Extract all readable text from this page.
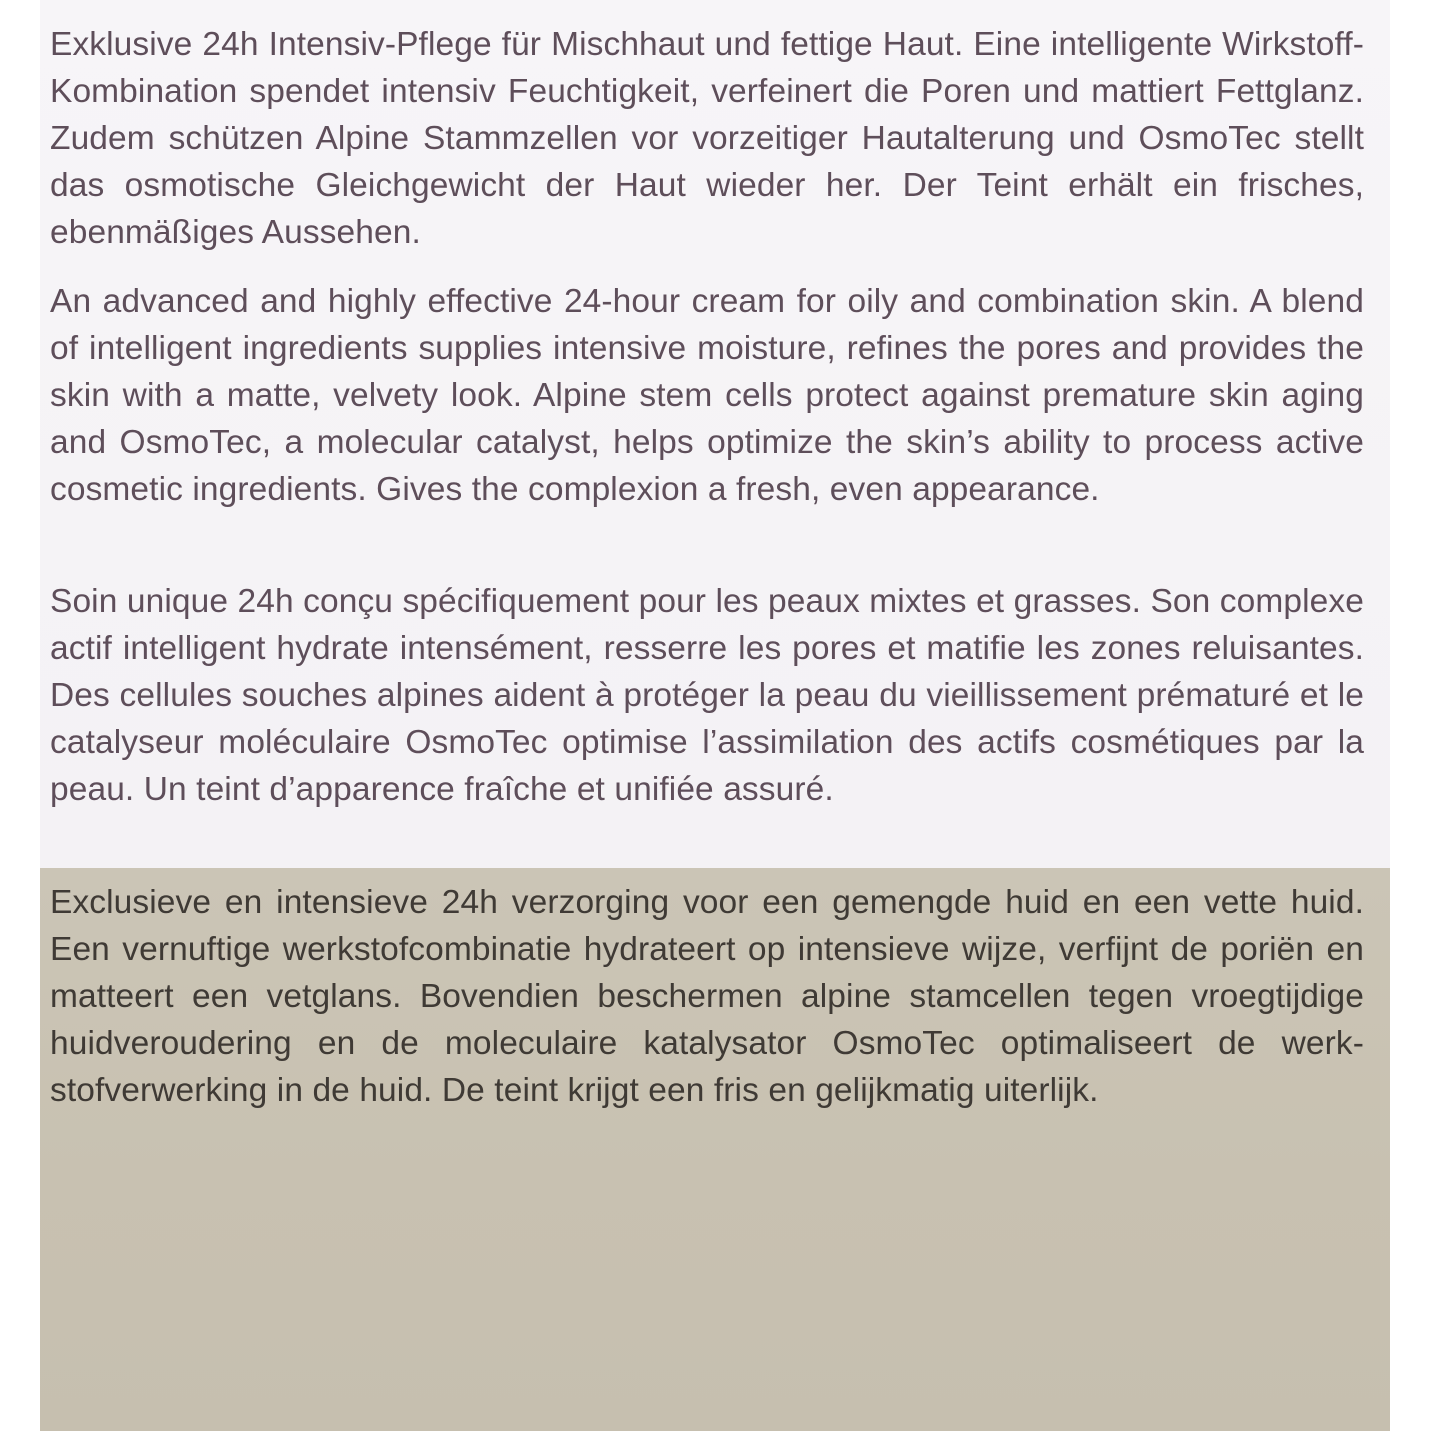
Exklusive 24h Intensiv-Pflege für Mischhaut und fettige Haut. Eine intelligente Wirkstoff-Kombination spendet intensiv Feuchtigkeit, verfeinert die Poren und mattiert Fettglanz. Zudem schützen Alpine Stammzellen vor vorzeitiger Hautalterung und OsmoTec stellt das osmotische Gleichgewicht der Haut wieder her. Der Teint erhält ein frisches, ebenmäßiges Aussehen.

An advanced and highly effective 24-hour cream for oily and combination skin. A blend of intelligent ingredients supplies intensive moisture, refines the pores and provides the skin with a matte, velvety look. Alpine stem cells protect against premature skin aging and OsmoTec, a molecular catalyst, helps optimize the skin’s ability to process active cosmetic ingredients. Gives the complexion a fresh, even appearance.

Soin unique 24h conçu spécifiquement pour les peaux mixtes et grasses. Son complexe actif intelligent hydrate intensément, resserre les pores et matifie les zones reluisantes. Des cellules souches alpines aident à protéger la peau du vieillissement prématuré et le catalyseur moléculaire OsmoTec optimise l’assimilation des actifs cosmétiques par la peau. Un teint d’apparence fraîche et unifiée assuré.

Exclusieve en intensieve 24h verzorging voor een gemengde huid en een vette huid. Een vernuftige werkstofcombinatie hydrateert op intensieve wijze, verfijnt de poriën en matteert een vetglans. Bovendien beschermen alpine stamcellen tegen vroegtijdige huidveroudering en de moleculaire katalysator OsmoTec optimaliseert de werk-stofverwerking in de huid. De teint krijgt een fris en gelijkmatig uiterlijk.
